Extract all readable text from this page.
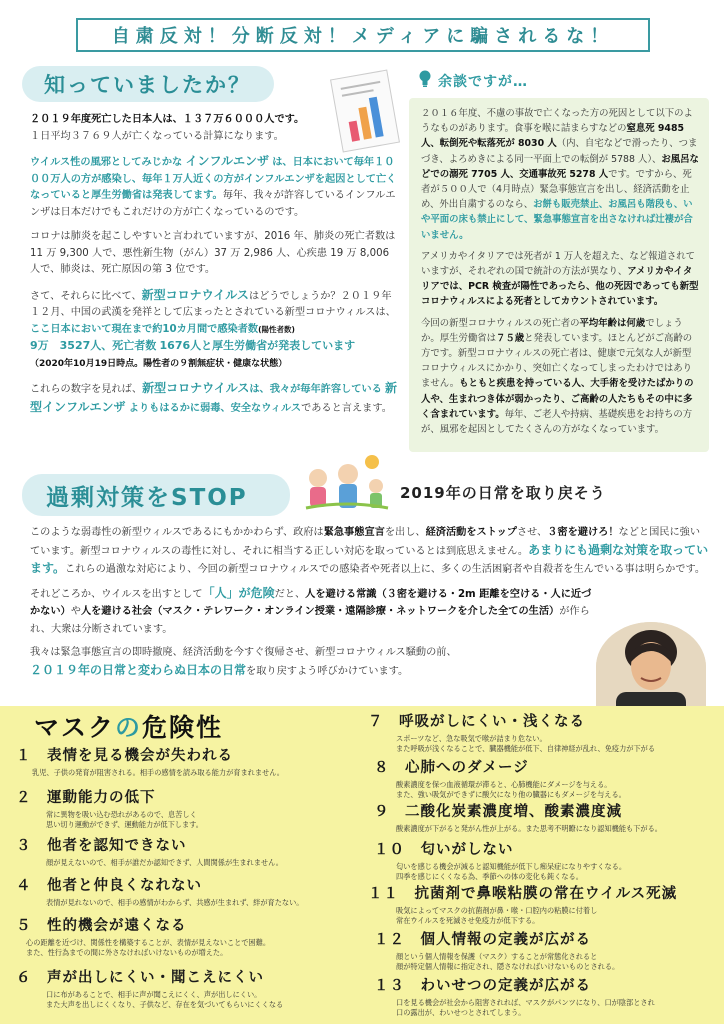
自粛反対！分断反対！メディアに騙されるな！
知っていましたか？
２０１９年度死亡した日本人は、１３７万６０００人です。
１日平均３７６９人が亡くなっている計算になります。
ウイルス性の風邪としてみじかな インフルエンザ は、日本において毎年１０００万人の方が感染し、毎年１万人近くの方がインフルエンザを起因として亡くなっていると厚生労働省は発表してます。毎年、我々が許容しているインフルエンザは日本だけでもこれだけの方が亡くなっているのです。
コロナは肺炎を起こしやすいと言われていますが、2016 年、肺炎の死亡者数は 11 万 9,300 人で、悪性新生物（がん）37 万 2,986 人、心疾患 19 万 8,006 人で、肺炎は、死亡原因の第 3 位です。
さて、それらに比べて、新型コロナウイルスはどうでしょうか？２０１９年１２月、中国の武漢を発祥として広まったとされている新型コロナウィルスは、ここ日本において現在まで約10カ月間で感染者数(陽性者数)
9万　3527人、死亡者数 1676人と厚生労働省が発表しています
（2020年10月19日時点。陽性者の９割無症状・健康な状態）
これらの数字を見れば、新型コロナウイルスは、我々が毎年許容している 新型インフルエンザ よりもはるかに弱毒、安全なウィルスであると言えます。
余談ですが…
２０１６年度、不慮の事故で亡くなった方の死因として以下のようなものがあります。食事を喉に詰まらすなどの窒息死 9485 人、転倒死や転落死が 8030 人（内、自宅などで滑ったり、つまづき、よろめきによる同一平面上での転倒が 5788 人）、お風呂などでの溺死 7705 人、交通事故死 5278 人です。ですから、死者が５００人で（4月時点）緊急事態宣言を出し、経済活動を止め、外出自粛するのなら、お餅も販売禁止、お風呂も階段も、いや平面の床も禁止にして、緊急事態宣言を出さなければ辻褄が合いません。
アメリカやイタリアでは死者が 1 万人を超えた、など報道されていますが、それぞれの国で統計の方法が異なり、アメリカやイタリアでは、PCR 検査が陽性であったら、他の死因であっても新型コロナウィルスによる死者としてカウントされています。
今回の新型コロナウィルスの死亡者の平均年齢は何歳でしょうか。厚生労働省は７５歳と発表しています。ほとんどがご高齢の方です。新型コロナウィルスの死亡者は、健康で元気な人が新型コロナウィルスにかかり、突如亡くなってしまったわけではありません。もともと疾患を持っている人、大手術を受けたばかりの人や、生まれつき体が弱かったり、ご高齢の人たちもその中に多く含まれています。毎年、ご老人や持病、基礎疾患をお持ちの方が、風邪を起因としてたくさんの方がなくなっています。
過剰対策をSTOP	2019年の日常を取り戻そう
このような弱毒性の新型ウィルスであるにもかかわらず、政府は緊急事態宣言を出し、経済活動をストップさせ、３密を避けろ！などと国民に強いています。新型コロナウィルスの毒性に対し、それに相当する正しい対応を取っているとは到底思えません。あまりにも過剰な対策を取っています。これらの過激な対応により、今回の新型コロナウィルスでの感染者や死者以上に、多くの生活困窮者や自殺者を生んでいる事は明らかです。
それどころか、ウイルスを出すとして「人」が危険だと、人を避ける常識（３密を避ける・2m 距離を空ける・人に近づかない）や人を避ける社会（マスク・テレワーク・オンライン授業・遠隔診療・ネットワークを介した全ての生活）が作られ、大衆は分断されています。
我々は緊急事態宣言の即時撤廃、経済活動を今すぐ復帰させ、新型コロナウィルス騒動の前、
２０１９年の日常と変わらぬ日本の日常を取り戻すよう呼びかけています。
マスクの危険性
１　表情を見る機会が失われる
乳児、子供の発育が阻害される。相手の感情を読み取る能力が育まれません。
２　運動能力の低下
常に異物を吸い込む恐れがあるので、息苦しく
思い切り運動ができず、運動能力が低下します。
３　他者を認知できない
顔が見えないので、相手が誰だか認知できず、人間関係が生まれません。
４　他者と仲良くなれない
表情が見れないので、相手の感情がわからず、共感が生まれず、絆が育たない。
５　性的機会が遠くなる
心の距離を近づけ、関係性を構築することが、表情が見えないことで困難。
また、性行為までの間に外さなければいけないものが増えた。
６　声が出しにくい・聞こえにくい
口に布があることで、相手に声が聞こえにくく、声が出しにくい。
また大声を出しにくくなり、子供など、存在を気づいてもらいにくくなる
７　呼吸がしにくい・浅くなる
スポーツなど、急な吸気で喉が詰まり危ない。
また呼吸が浅くなることで、臓器機能が低下、自律神経が乱れ、免疫力が下がる
８　心肺へのダメージ
酸素濃度を保つ血液循環が滞ると、心肺機能にダメージを与える。
また、強い吸気ができずに酸欠になり他の臓器にもダメージを与える。
９　二酸化炭素濃度増、酸素濃度減
酸素濃度が下がると発がん性が上がる。また思考不明瞭になり認知機能も下がる。
１０　匂いがしない
匂いを感じる機会が減ると認知機能が低下し痴呆症になりやすくなる。
四季を感じにくくなる為、季節への体の変化も鈍くなる。
１１　抗菌剤で鼻喉粘膜の常在ウイルス死滅
吸気によってマスクの抗菌剤が鼻・喉・口腔内の粘膜に付着し
常在ウイルスを死滅させ免疫力が低下する。
１２　個人情報の定義が広がる
顔という個人情報を保護（マスク）することが常態化されると
顔が特定個人情報に指定され、隠さなければいけないものとされる。
１３　わいせつの定義が広がる
口を見る機会が社会から阻害されれば、マスクがパンツになり、口が陰部とされ
口の露出が、わいせつとされてしまう。
